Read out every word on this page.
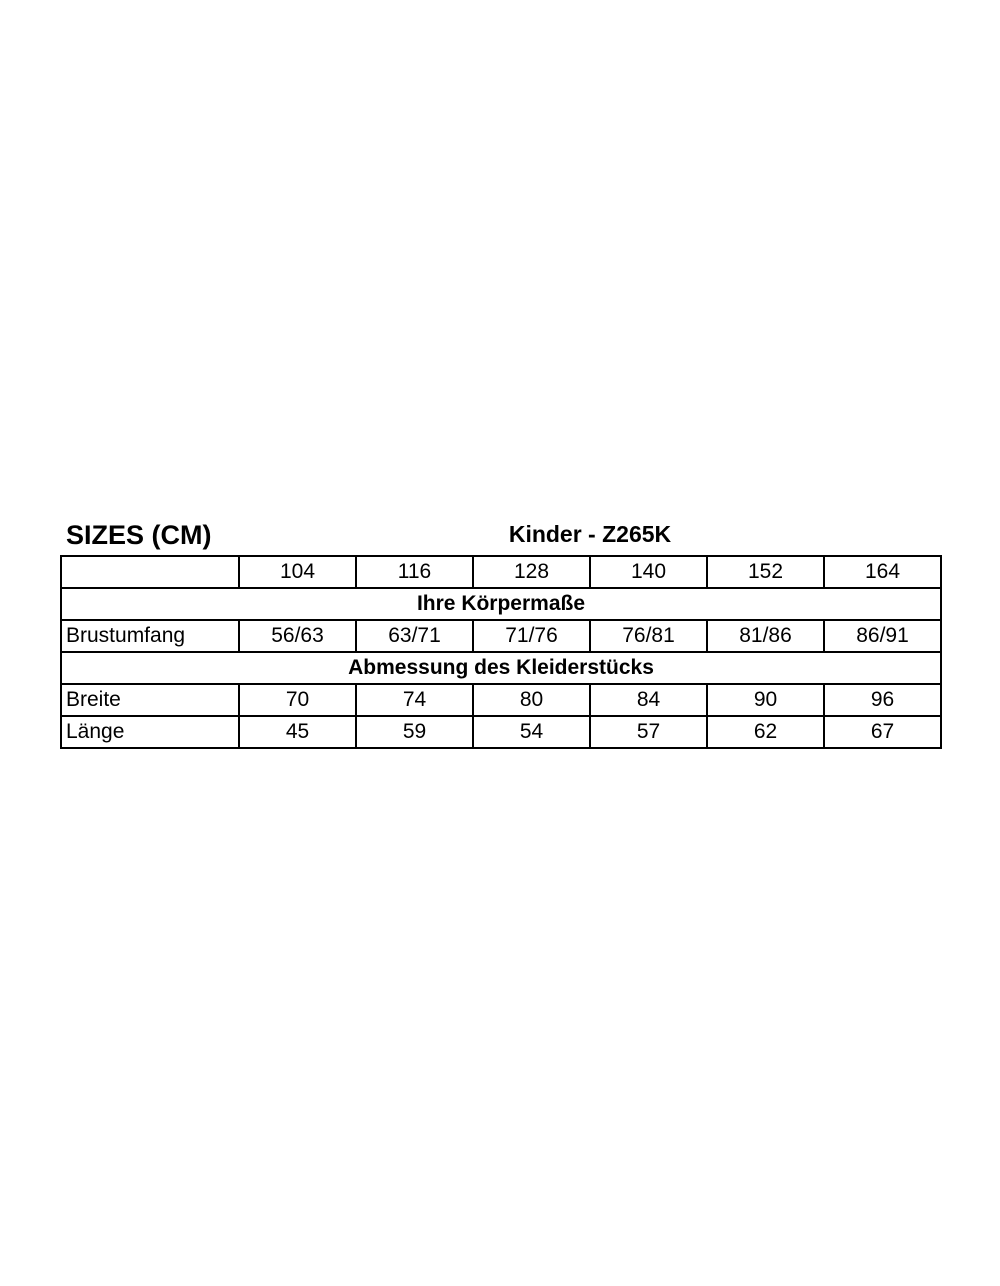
SIZES (CM)	Kinder - Z265K
	104	116	128	140	152	164
Ihre Körpermaße						
Brustumfang	56/63	63/71	71/76	76/81	81/86	86/91
Abmessung des Kleiderstücks						
Breite	70	74	80	84	90	96
Länge	45	59	54	57	62	67
